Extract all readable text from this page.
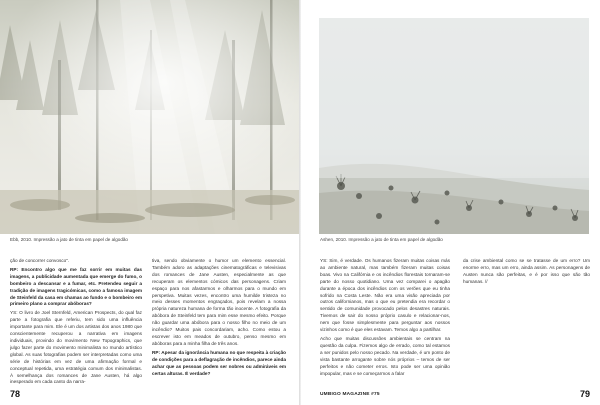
Ebb, 2010. Impressão a jato de tinta em papel de algodão

ção de concorrer convosco".

RP: Encontro algo que me faz sorrir em muitas das imagens, a publicidade aumentada que emerge do fumo, o bombeiro a descansar e a fumar, etc. Pretendeu seguir a tradição de imagens tragicómicas, como a famosa imagem de Steinfeld da casa em chamas ao fundo e o bombeiro em primeiro plano a comprar abóboras?

YS: O livro de Joel Sternfeld, American Prospects, do qual faz parte a fotografia que referiu, tem sido uma influência importante para mim. Ele é um dos artistas dos anos 1980 que conscientemente recuperou a narrativa em imagens individuais, provindo do movimento New Topographics, que julgo fazer parte do movimento minimalista no mundo artístico global. As suas fotografias podem ser interpretadas como uma série de histórias em vez de uma afirmação formal e conceptual repetida, uma estratégia comum dos minimalistas. À semelhança dos romances de Jane Austen, há algo inesperado em cada canto da narra-

tiva, sendo obviamente o humor um elemento essencial. Também adoro as adaptações cinematográficas e televisivas dos romances de Jane Austen, especialmente as que recuperam os elementos cómicos das personagens. Criam espaço para nos afastarmos e olharmos para o mundo em perspetiva. Muitas vezes, encontro uma humilde tristeza no meio desses momentos engraçados, pois revelam a nossa própria natureza humana de forma tão inocente. A fotografia da abóbora de Steinfeld tem para mim esse mesmo efeito. Porque não guardar uma abóbora para o nosso filho no meio de um incêndio? Muitos pais concordariam, acho. Como estou a escrever isto em meados de outubro, penso mesmo em abóboras para a minha filha de três anos.

RP: Apesar da ignorância humana no que respeita à criação de condições para a deflagração de incêndios, parece ainda achar que as pessoas podem ser nobres ou admiráveis em certas alturas. É verdade?

78
Ashen, 2010. Impressão a jato de tinta em papel de algodão

YS: Sim, é verdade. Os humanos fizeram muitas coisas más ao ambiente natural, mas também fizeram muitas coisas boas. Vivo na Califórnia e os incêndios florestais tornaram-se parte do nosso quotidiano. Uma vez comparei o apagão durante a época dos incêndios com os verões que eu tinha sofrido na Costa Leste. Não era uma visão apreciada por outros californianos, mas o que eu pretendia era recordar o sentido de comunidade provocado pelos desastres naturais. Tivemos de sair do nosso próprio casulo e relacionar-nos, nem que fosse simplesmente para perguntar aos nossos vizinhos como é que eles estavam. Temos algo a partilhar.

Acho que muitas discussões ambientais se centram na questão da culpa. Fizemos algo de errado, como tal estamos a ser punidos pelo nosso pecado. Na verdade, é um ponto de vista bastante arrogante sobre nós próprios – temos de ser perfeitos e não cometer erros. Isto pode ser uma opinião impopular, mas e se começarmos a falar

da crise ambiental como se se tratasse de um erro? Um enorme erro, mas um erro, ainda assim. As personagens de Austen nunca são perfeitas, e é por isso que são tão humanas. //

UMBIGO MAGAZINE #75	79
